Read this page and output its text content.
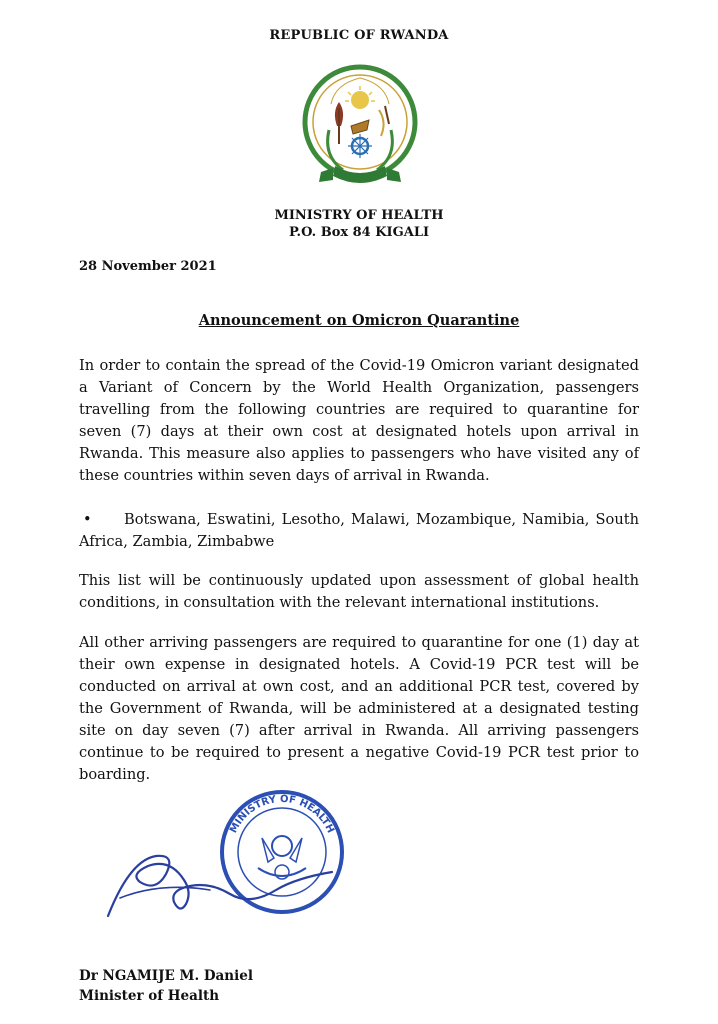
REPUBLIC OF RWANDA
MINISTRY OF HEALTH
P.O. Box 84 KIGALI
28 November 2021
Announcement on Omicron Quarantine
In order to contain the spread of the Covid-19 Omicron variant designated a Variant of Concern by the World Health Organization, passengers travelling from the following countries are required to quarantine for seven (7) days at their own cost at designated hotels upon arrival in Rwanda. This measure also applies to passengers who have visited any of these countries within seven days of arrival in Rwanda.
• Botswana, Eswatini, Lesotho, Malawi, Mozambique, Namibia, South Africa, Zambia, Zimbabwe
This list will be continuously updated upon assessment of global health conditions, in consultation with the relevant international institutions.
All other arriving passengers are required to quarantine for one (1) day at their own expense in designated hotels. A Covid-19 PCR test will be conducted on arrival at own cost, and an additional PCR test, covered by the Government of Rwanda, will be administered at a designated testing site on day seven (7) after arrival in Rwanda. All arriving passengers continue to be required to present a negative Covid-19 PCR test prior to boarding.
MINISTRY OF HEALTH
Dr NGAMIJE M. Daniel
Minister of Health
